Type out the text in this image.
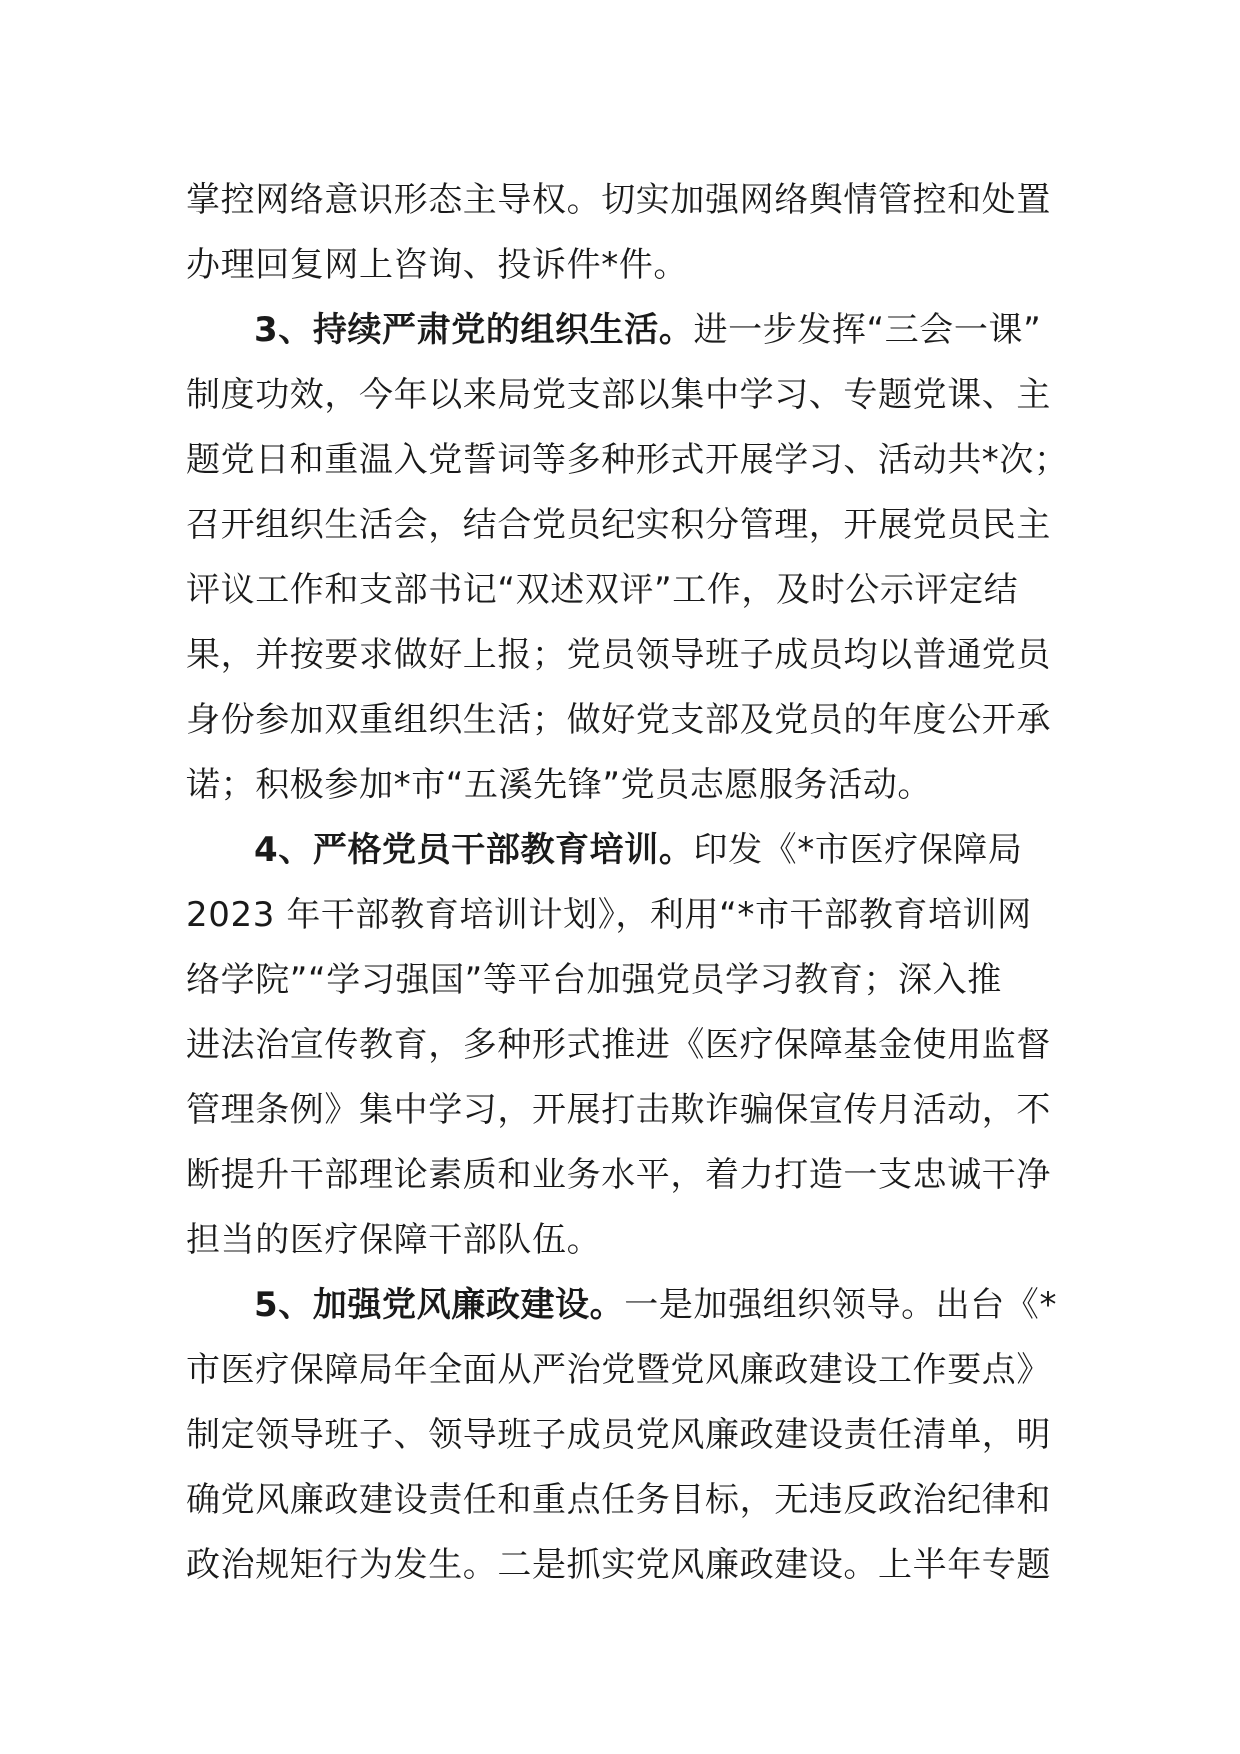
掌控网络意识形态主导权。切实加强网络舆情管控和处置
办理回复网上咨询、投诉件*件。
3、持续严肃党的组织生活。进一步发挥“三会一课”
制度功效，今年以来局党支部以集中学习、专题党课、主
题党日和重温入党誓词等多种形式开展学习、活动共*次；
召开组织生活会，结合党员纪实积分管理，开展党员民主
评议工作和支部书记“双述双评”工作，及时公示评定结
果，并按要求做好上报；党员领导班子成员均以普通党员
身份参加双重组织生活；做好党支部及党员的年度公开承
诺；积极参加*市“五溪先锋”党员志愿服务活动。
4、严格党员干部教育培训。印发《*市医疗保障局
2023 年干部教育培训计划》，利用“*市干部教育培训网
络学院”“学习强国”等平台加强党员学习教育；深入推
进法治宣传教育，多种形式推进《医疗保障基金使用监督
管理条例》集中学习，开展打击欺诈骗保宣传月活动，不
断提升干部理论素质和业务水平，着力打造一支忠诚干净
担当的医疗保障干部队伍。
5、加强党风廉政建设。一是加强组织领导。出台《*
市医疗保障局年全面从严治党暨党风廉政建设工作要点》
制定领导班子、领导班子成员党风廉政建设责任清单，明
确党风廉政建设责任和重点任务目标，无违反政治纪律和
政治规矩行为发生。二是抓实党风廉政建设。上半年专题
